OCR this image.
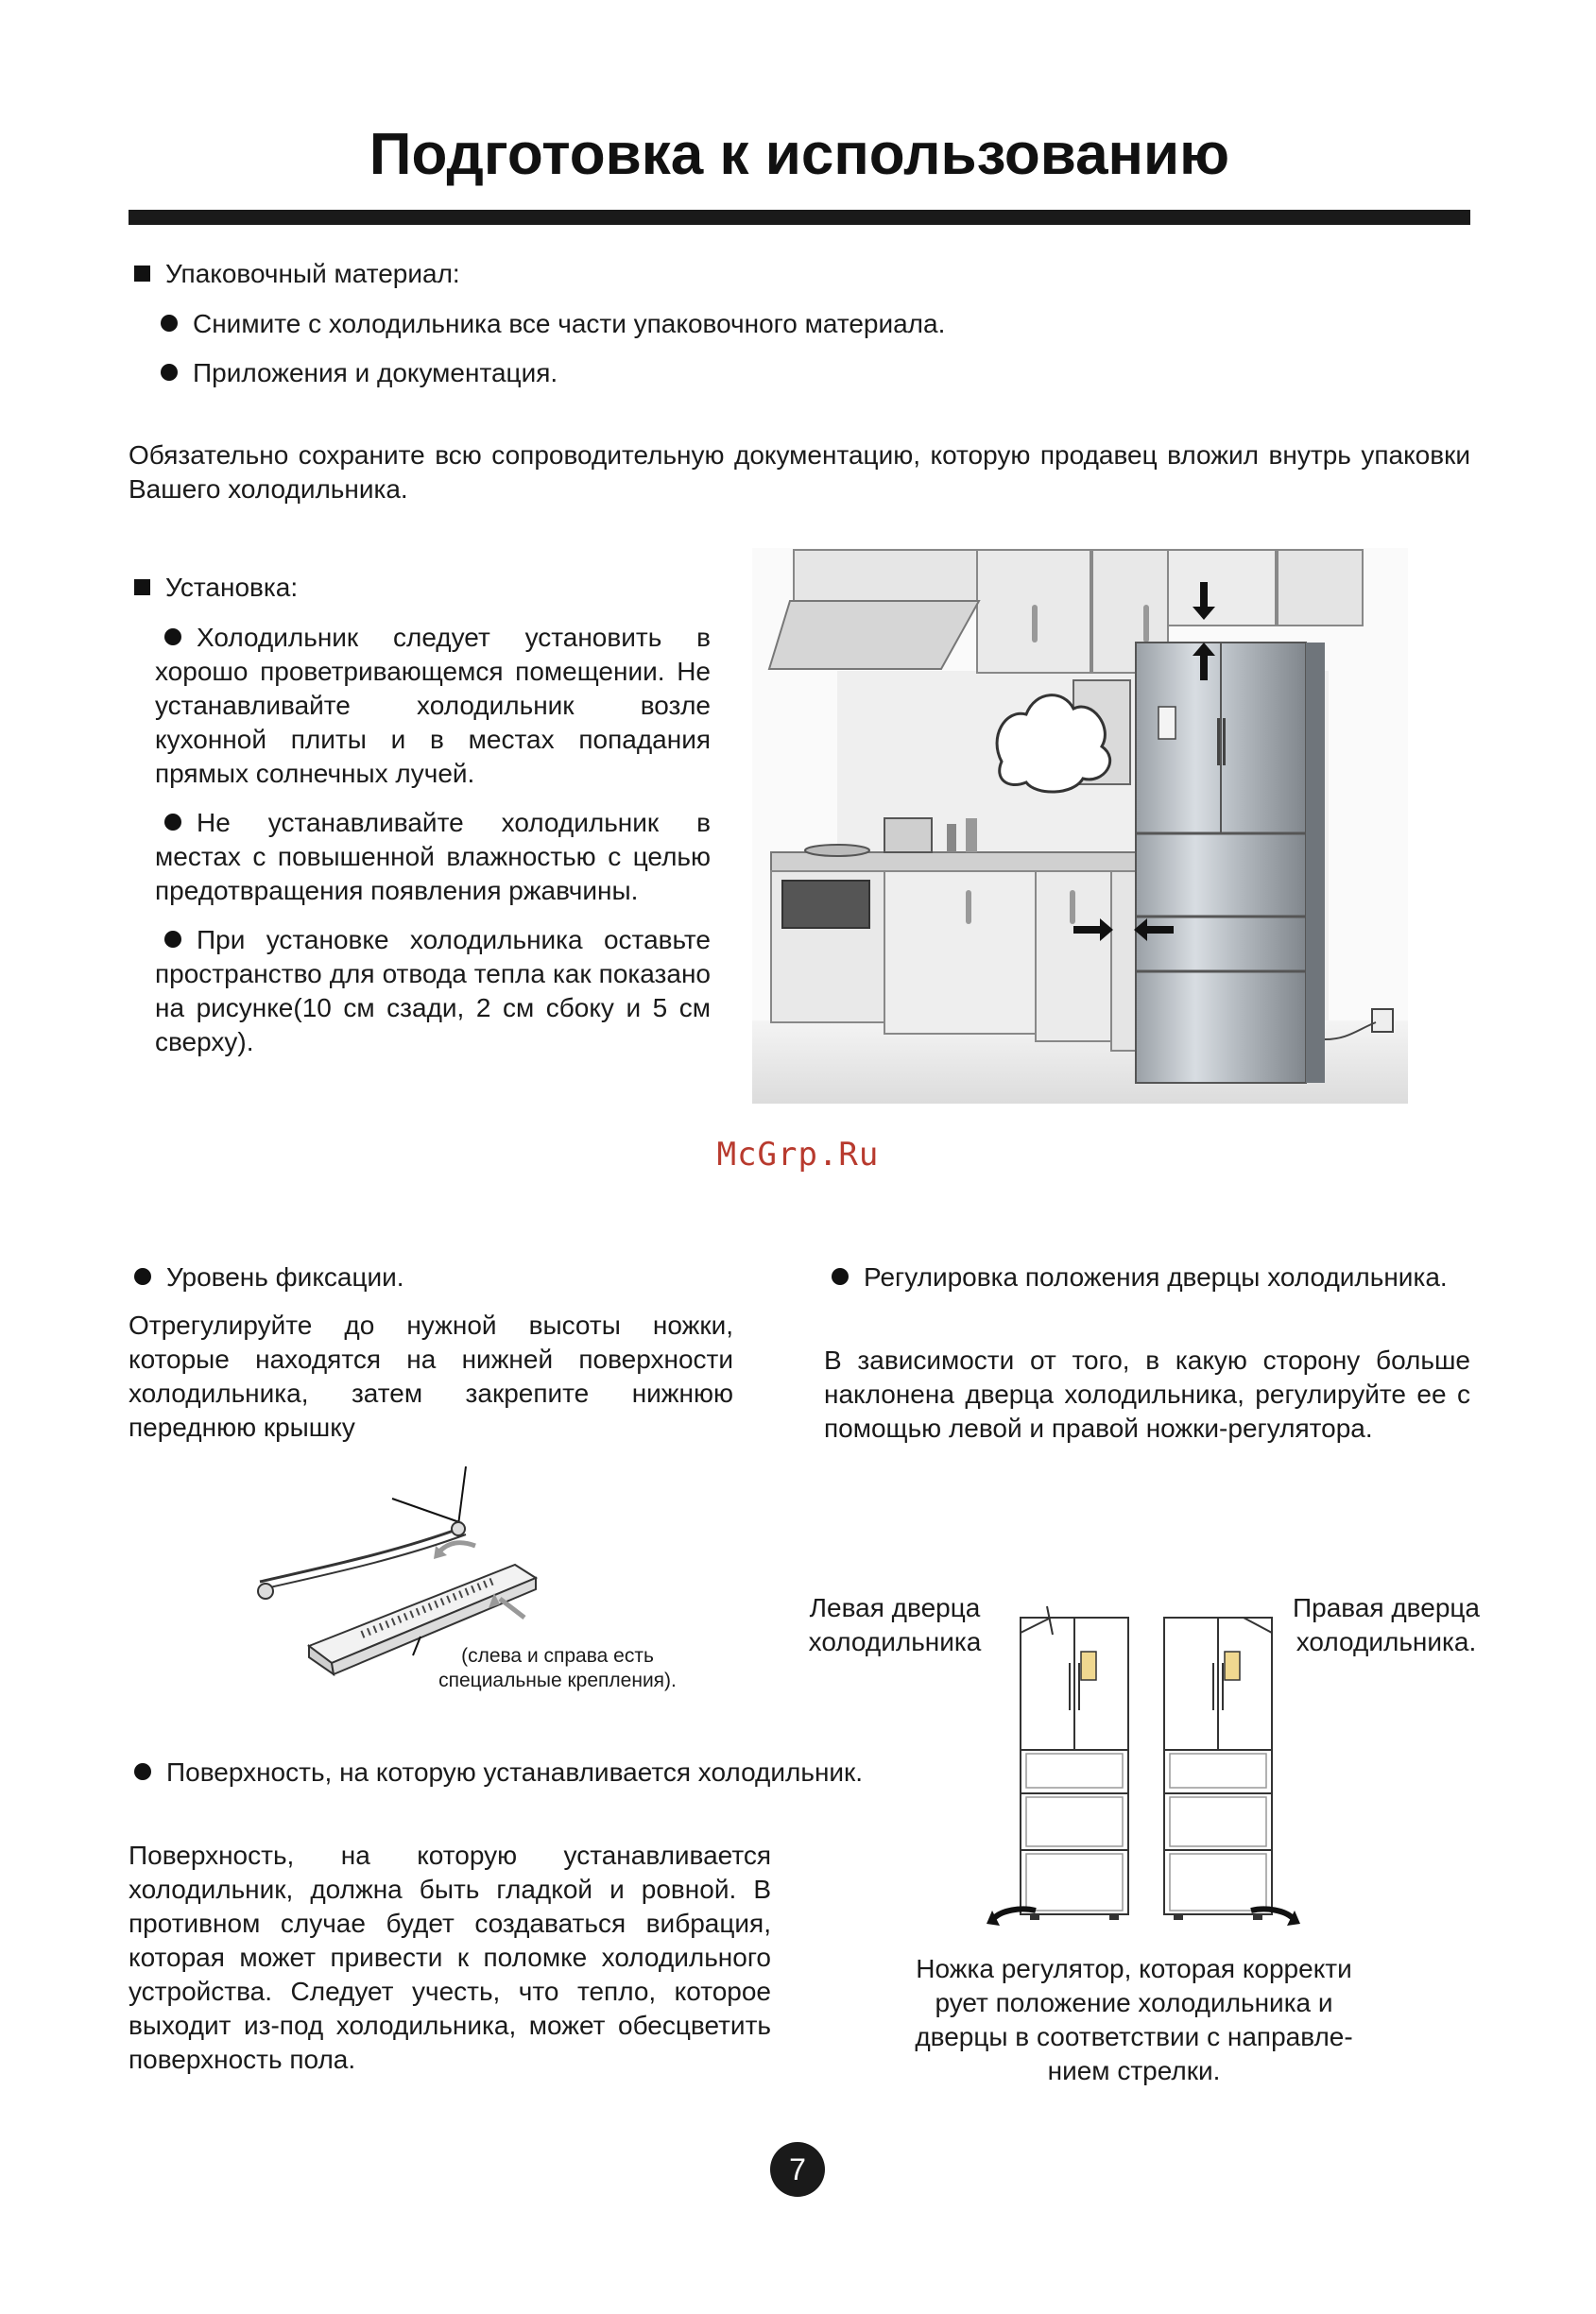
Подготовка к использованию
Упаковочный материал:
Снимите с холодильника все части упаковочного материала.
Приложения и документация.
Обязательно сохраните всю сопроводительную документацию, которую продавец вложил внутрь упаковки Вашего холодильника.
Установка:

Холодильник следует установить в хорошо проветривающемся помещении. Не устанавливайте холодильник возле кухонной плиты и в местах попадания прямых солнечных лучей.

Не устанавливайте холодильник в местах с повышенной влажностью с целью предотвращения появления ржавчины.

При установке холодильника оставьте пространство для отвода тепла как показано на рисунке(10 см сзади, 2 см сбоку и 5 см сверху).

McGrp.Ru
Уровень фиксации.
Отрегулируйте до нужной высоты ножки, которые находятся на нижней поверхности холодильника, затем закрепите нижнюю переднюю крышку
(слева и справа есть
специальные крепления).
Поверхность, на которую устанавливается холодильник.
Поверхность, на которую устанавливается холодильник, должна быть гладкой и ровной. В противном случае будет создаваться вибрация, которая может привести к поломке холодильного устройства. Следует учесть, что тепло, которое выходит из-под холодильника, может обесцветить поверхность пола.
Регулировка положения дверцы холодильника.
В зависимости от того, в какую сторону больше наклонена дверца холодильника, регулируйте ее с помощью левой и правой ножки-регулятора.
Левая дверца
холодильника
Правая дверца
холодильника.
Ножка регулятор, которая корректи
рует положение холодильника и
дверцы в соответствии с направле-
нием стрелки.
7
